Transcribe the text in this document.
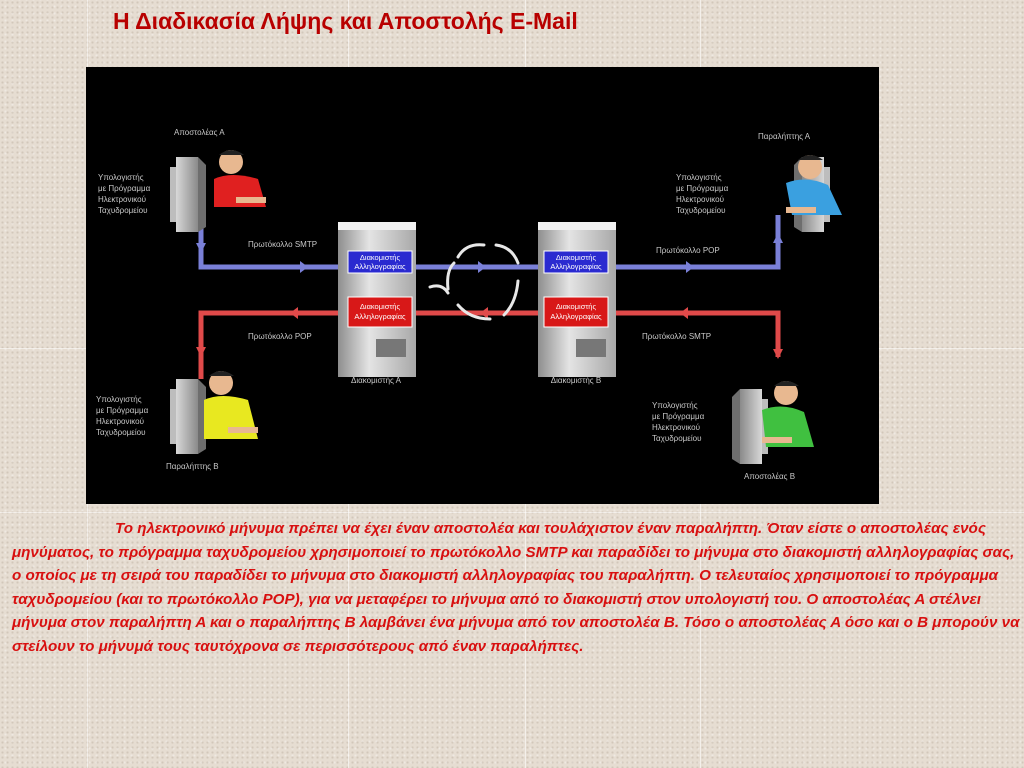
Η Διαδικασία Λήψης και Αποστολής E-Mail
Διακομιστής
Αλληλογραφίας
Διακομιστής
Αλληλογραφίας
Διακομιστής Α
Διακομιστής
Αλληλογραφίας
Διακομιστής
Αλληλογραφίας
Διακομιστής Β
Αποστολέας Α	Παραλήπτης Α
Παραλήπτης Β
Αποστολέας Β
Υπολογιστής
με Πρόγραμμα
Ηλεκτρονικού
Ταχυδρομείου
Υπολογιστής
με Πρόγραμμα
Ηλεκτρονικού
Ταχυδρομείου
Υπολογιστής
με Πρόγραμμα
Ηλεκτρονικού
Ταχυδρομείου
Υπολογιστής
με Πρόγραμμα
Ηλεκτρονικού
Ταχυδρομείου
Πρωτόκολλο SMTP
Πρωτόκολλο POP
Πρωτόκολλο POP	Πρωτόκολλο SMTP
Το ηλεκτρονικό μήνυμα πρέπει να έχει έναν αποστολέα και τουλάχιστον έναν παραλήπτη. Όταν είστε ο αποστολέας ενός μηνύματος, το πρόγραμμα ταχυδρομείου χρησιμοποιεί το πρωτόκολλο SMTP και παραδίδει το μήνυμα στο διακομιστή αλληλογραφίας σας, ο οποίος με τη σειρά του παραδίδει το μήνυμα στο διακομιστή αλληλογραφίας του παραλήπτη. Ο τελευταίος χρησιμοποιεί το πρόγραμμα ταχυδρομείου (και το πρωτόκολλο POP), για να μεταφέρει το μήνυμα από το διακομιστή στον υπολογιστή του. Ο αποστολέας Α στέλνει μήνυμα στον παραλήπτη Α και ο παραλήπτης Β λαμβάνει ένα μήνυμα από τον αποστολέα Β. Τόσο ο αποστολέας Α όσο και ο Β μπορούν να στείλουν το μήνυμά τους ταυτόχρονα σε περισσότερους από έναν παραλήπτες.
